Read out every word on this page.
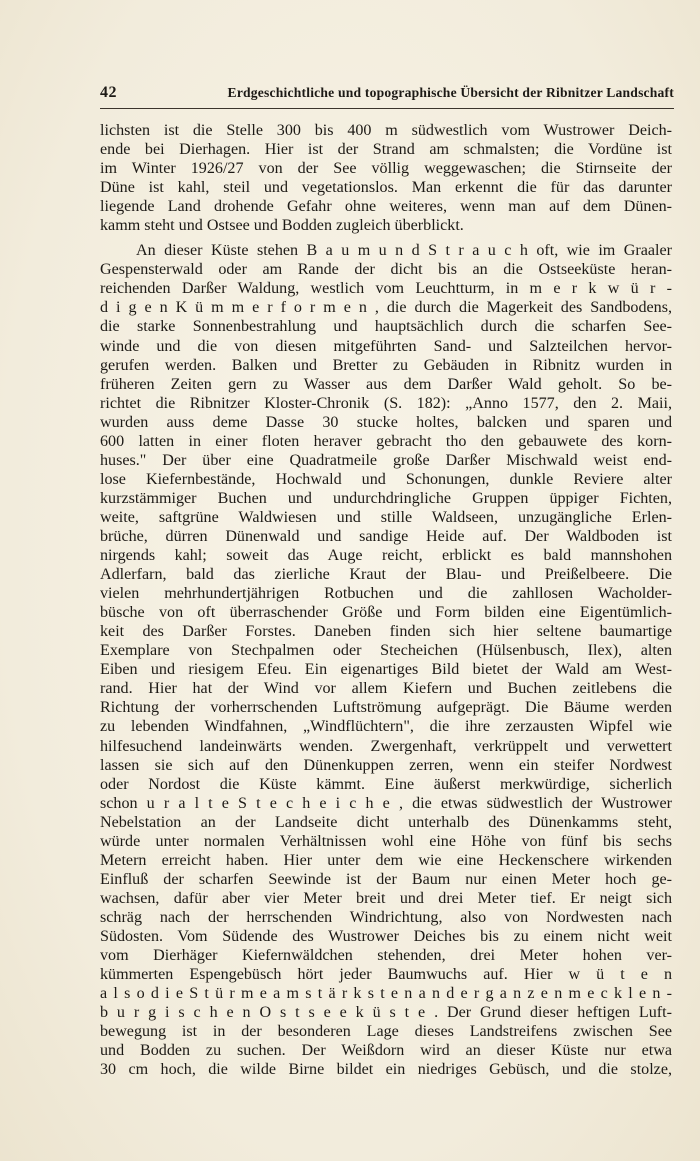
42	Erdgeschichtliche und topographische Übersicht der Ribnitzer Landschaft
lichsten ist die Stelle 300 bis 400 m südwestlich vom Wustrower Deich-
ende bei Dierhagen. Hier ist der Strand am schmalsten; die Vordüne ist
im Winter 1926/27 von der See völlig weggewaschen; die Stirnseite der
Düne ist kahl, steil und vegetationslos. Man erkennt die für das darunter
liegende Land drohende Gefahr ohne weiteres, wenn man auf dem Dünen-
kamm steht und Ostsee und Bodden zugleich überblickt.
An dieser Küste stehen B a u m u n d S t r a u c h oft, wie im Graaler
Gespensterwald oder am Rande der dicht bis an die Ostseeküste heran-
reichenden Darßer Waldung, westlich vom Leuchtturm, in m e r k w ü r -
d i g e n K ü m m e r f o r m e n , die durch die Magerkeit des Sandbodens,
die starke Sonnenbestrahlung und hauptsächlich durch die scharfen See-
winde und die von diesen mitgeführten Sand- und Salzteilchen hervor-
gerufen werden. Balken und Bretter zu Gebäuden in Ribnitz wurden in
früheren Zeiten gern zu Wasser aus dem Darßer Wald geholt. So be-
richtet die Ribnitzer Kloster-Chronik (S. 182): „Anno 1577, den 2. Maii,
wurden auss deme Dasse 30 stucke holtes, balcken und sparen und
600 latten in einer floten heraver gebracht tho den gebauwete des korn-
huses." Der über eine Quadratmeile große Darßer Mischwald weist end-
lose Kiefernbestände, Hochwald und Schonungen, dunkle Reviere alter
kurzstämmiger Buchen und undurchdringliche Gruppen üppiger Fichten,
weite, saftgrüne Waldwiesen und stille Waldseen, unzugängliche Erlen-
brüche, dürren Dünenwald und sandige Heide auf. Der Waldboden ist
nirgends kahl; soweit das Auge reicht, erblickt es bald mannshohen
Adlerfarn, bald das zierliche Kraut der Blau- und Preißelbeere. Die
vielen mehrhundertjährigen Rotbuchen und die zahllosen Wacholder-
büsche von oft überraschender Größe und Form bilden eine Eigentümlich-
keit des Darßer Forstes. Daneben finden sich hier seltene baumartige
Exemplare von Stechpalmen oder Stecheichen (Hülsenbusch, Ilex), alten
Eiben und riesigem Efeu. Ein eigenartiges Bild bietet der Wald am West-
rand. Hier hat der Wind vor allem Kiefern und Buchen zeitlebens die
Richtung der vorherrschenden Luftströmung aufgeprägt. Die Bäume werden
zu lebenden Windfahnen, „Windflüchtern", die ihre zerzausten Wipfel wie
hilfesuchend landeinwärts wenden. Zwergenhaft, verkrüppelt und verwettert
lassen sie sich auf den Dünenkuppen zerren, wenn ein steifer Nordwest
oder Nordost die Küste kämmt. Eine äußerst merkwürdige, sicherlich
schon u r a l t e S t e c h e i c h e , die etwas südwestlich der Wustrower
Nebelstation an der Landseite dicht unterhalb des Dünenkamms steht,
würde unter normalen Verhältnissen wohl eine Höhe von fünf bis sechs
Metern erreicht haben. Hier unter dem wie eine Heckenschere wirkenden
Einfluß der scharfen Seewinde ist der Baum nur einen Meter hoch ge-
wachsen, dafür aber vier Meter breit und drei Meter tief. Er neigt sich
schräg nach der herrschenden Windrichtung, also von Nordwesten nach
Südosten. Vom Südende des Wustrower Deiches bis zu einem nicht weit
vom Dierhäger Kiefernwäldchen stehenden, drei Meter hohen ver-
kümmerten Espengebüsch hört jeder Baumwuchs auf. Hier w ü t e n
a l s o d i e S t ü r m e a m s t ä r k s t e n a n d e r g a n z e n m e c k l e n -
b u r g i s c h e n O s t s e e k ü s t e . Der Grund dieser heftigen Luft-
bewegung ist in der besonderen Lage dieses Landstreifens zwischen See
und Bodden zu suchen. Der Weißdorn wird an dieser Küste nur etwa
30 cm hoch, die wilde Birne bildet ein niedriges Gebüsch, und die stolze,
